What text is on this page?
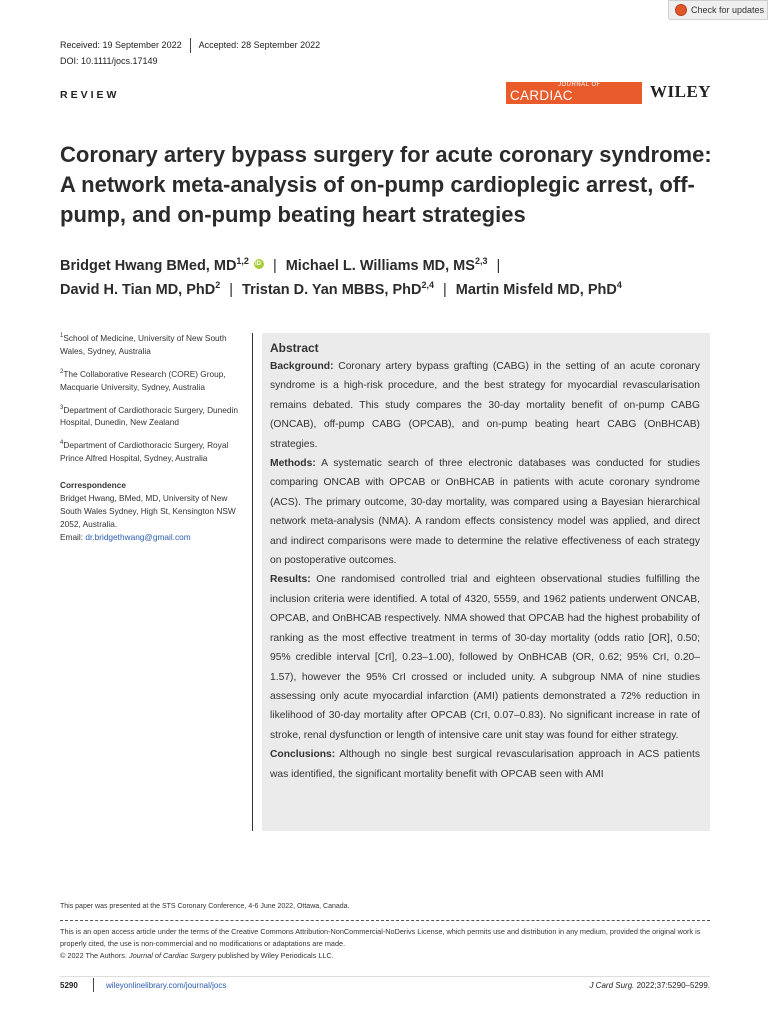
Check for updates
Received: 19 September 2022 Accepted: 28 September 2022
DOI: 10.1111/jocs.17149
REVIEW
JOURNAL OF
CARDIAC SURGERY
WILEY
Coronary artery bypass surgery for acute coronary syndrome: A network meta-analysis of on-pump cardioplegic arrest, off-pump, and on-pump beating heart strategies
Bridget Hwang BMed, MD$^{1,2}$iD | Michael L. Williams MD, MS$^{2,3}$ |
David H. Tian MD, PhD$^2$ | Tristan D. Yan MBBS, PhD$^{2,4}$ | Martin Misfeld MD, PhD$^4$

$^1$School of Medicine, University of New South Wales, Sydney, Australia

$^2$The Collaborative Research (CORE) Group, Macquarie University, Sydney, Australia

$^3$Department of Cardiothoracic Surgery, Dunedin Hospital, Dunedin, New Zealand

$^4$Department of Cardiothoracic Surgery, Royal Prince Alfred Hospital, Sydney, Australia

Correspondence

Bridget Hwang, BMed, MD, University of New South Wales Sydney, High St, Kensington NSW 2052, Australia.
Email: dr.bridgethwang@gmail.com

Abstract

Background: Coronary artery bypass grafting (CABG) in the setting of an acute coronary syndrome is a high-risk procedure, and the best strategy for myocardial revascularisation remains debated. This study compares the 30-day mortality benefit of on-pump CABG (ONCAB), off-pump CABG (OPCAB), and on-pump beating heart CABG (OnBHCAB) strategies.

Methods: A systematic search of three electronic databases was conducted for studies comparing ONCAB with OPCAB or OnBHCAB in patients with acute coronary syndrome (ACS). The primary outcome, 30-day mortality, was compared using a Bayesian hierarchical network meta-analysis (NMA). A random effects consistency model was applied, and direct and indirect comparisons were made to determine the relative effectiveness of each strategy on postoperative outcomes.

Results: One randomised controlled trial and eighteen observational studies fulfilling the inclusion criteria were identified. A total of 4320, 5559, and 1962 patients underwent ONCAB, OPCAB, and OnBHCAB respectively. NMA showed that OPCAB had the highest probability of ranking as the most effective treatment in terms of 30-day mortality (odds ratio [OR], 0.50; 95% credible interval [CrI], 0.23–1.00), followed by OnBHCAB (OR, 0.62; 95% CrI, 0.20–1.57), however the 95% CrI crossed or included unity. A subgroup NMA of nine studies assessing only acute myocardial infarction (AMI) patients demonstrated a 72% reduction in likelihood of 30-day mortality after OPCAB (CrI, 0.07–0.83). No significant increase in rate of stroke, renal dysfunction or length of intensive care unit stay was found for either strategy.

Conclusions: Although no single best surgical revascularisation approach in ACS patients was identified, the significant mortality benefit with OPCAB seen with AMI

This paper was presented at the STS Coronary Conference, 4-6 June 2022, Ottawa, Canada.
This is an open access article under the terms of the Creative Commons Attribution-NonCommercial-NoDerivs License, which permits use and distribution in any medium, provided the original work is properly cited, the use is non-commercial and no modifications or adaptations are made.
© 2022 The Authors. Journal of Cardiac Surgery published by Wiley Periodicals LLC.
5290	wileyonlinelibrary.com/journal/jocs	J Card Surg. 2022;37:5290–5299.
